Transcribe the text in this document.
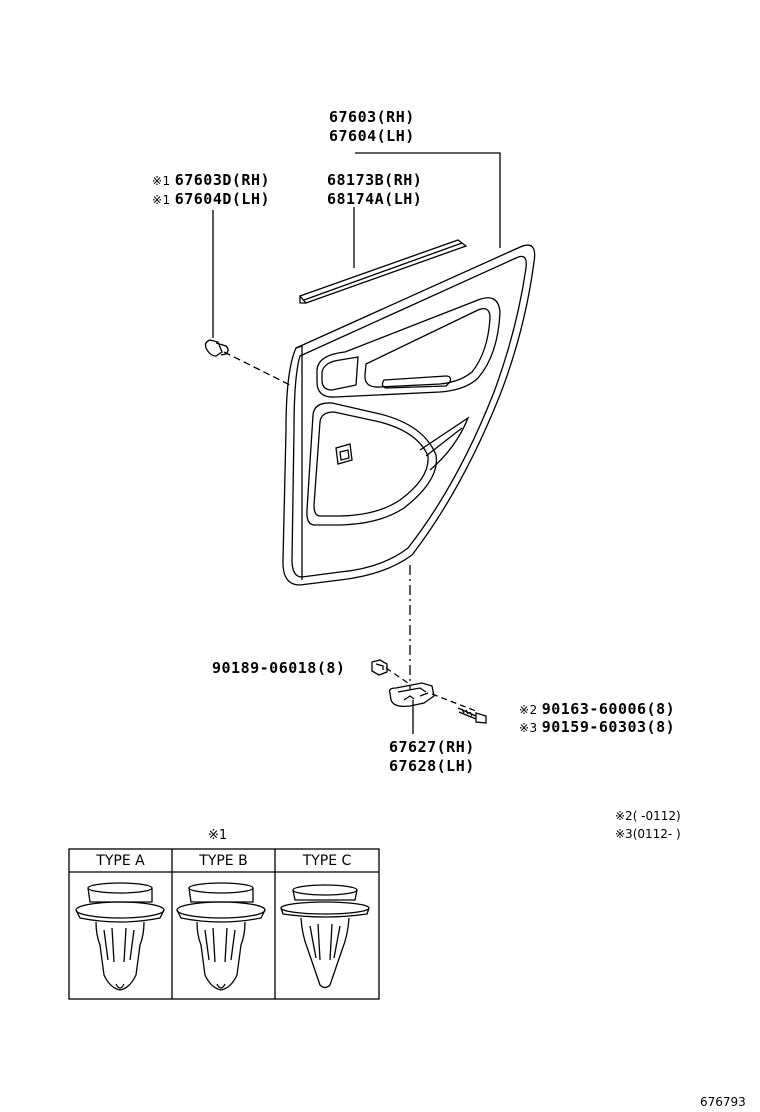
67603(RH)
67604(LH)
※1 67603D(RH)
※1 67604D(LH)
68173B(RH)
68174A(LH)
90189-06018(8)
※2 90163-60006(8)
※3 90159-60303(8)
67627(RH)
67628(LH)
※2( -0112)
※3(0112- )
※1
TYPE A	TYPE B	TYPE C
676793
